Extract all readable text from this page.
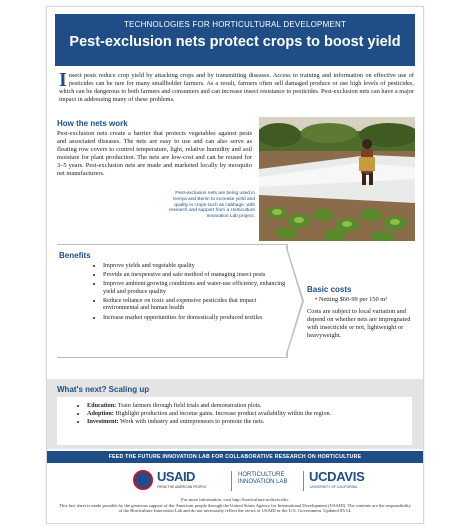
TECHNOLOGIES FOR HORTICULTURAL DEVELOPMENT
Pest-exclusion nets protect crops to boost yield
Insect pests reduce crop yield by attacking crops and by transmitting diseases. Access to training and information on effective use of pesticides can be rare for many smallholder farmers. As a result, farmers often sell damaged produce or use high levels of pesticides, which can be dangerous to both farmers and consumers and can increase insect resistance to pesticides. Pest-exclusion nets can have a major impact in addressing many of these problems.
How the nets work

Pest-exclusion nets create a barrier that protects vegetables against pests and associated diseases. The nets are easy to use and can also serve as floating row covers to control temperature, light, relative humidity and soil moisture for plant production. The nets are low-cost and can be reused for 3–5 years. Pest-exclusion nets are made and marketed locally by mosquito net manufacturers.

Pest-exclusion nets are being used in Kenya and Benin to increase yield and quality in crops such as cabbage, with research and support from a Horticulture Innovation Lab project.
Benefits
• Improve yields and vegetable quality
• Provide an inexpensive and safe method of managing insect pests
• Improve ambient growing conditions and water-use efficiency, enhancing yield and produce quality
• Reduce reliance on toxic and expensive pesticides that impact environmental and human health
• Increase market opportunities for domestically produced textiles
Basic costs
• Netting $60-99 per 150 m²

Costs are subject to local variation and depend on whether nets are impregnated with insecticide or not, lightweight or heavyweight.

What's next? Scaling up
• Education: Train farmers through field trials and demonstration plots.
• Adoption: Highlight production and income gains. Increase product availability within the region.
• Investment: Work with industry and entrepreneurs to promote the nets.
FEED THE FUTURE INNOVATION LAB FOR COLLABORATIVE RESEARCH ON HORTICULTURE
USAID
FROM THE AMERICAN PEOPLE
HORTICULTURE
INNOVATION LAB UCDAVIS
UNIVERSITY OF CALIFORNIA
For more information, visit http://horticulture.ucdavis.edu.
This fact sheet is made possible by the generous support of the American people through the United States Agency for International Development (USAID). The contents are the responsibility of the Horticulture Innovation Lab and do not necessarily reflect the views of USAID or the U.S. Government. Updated 05/14.
